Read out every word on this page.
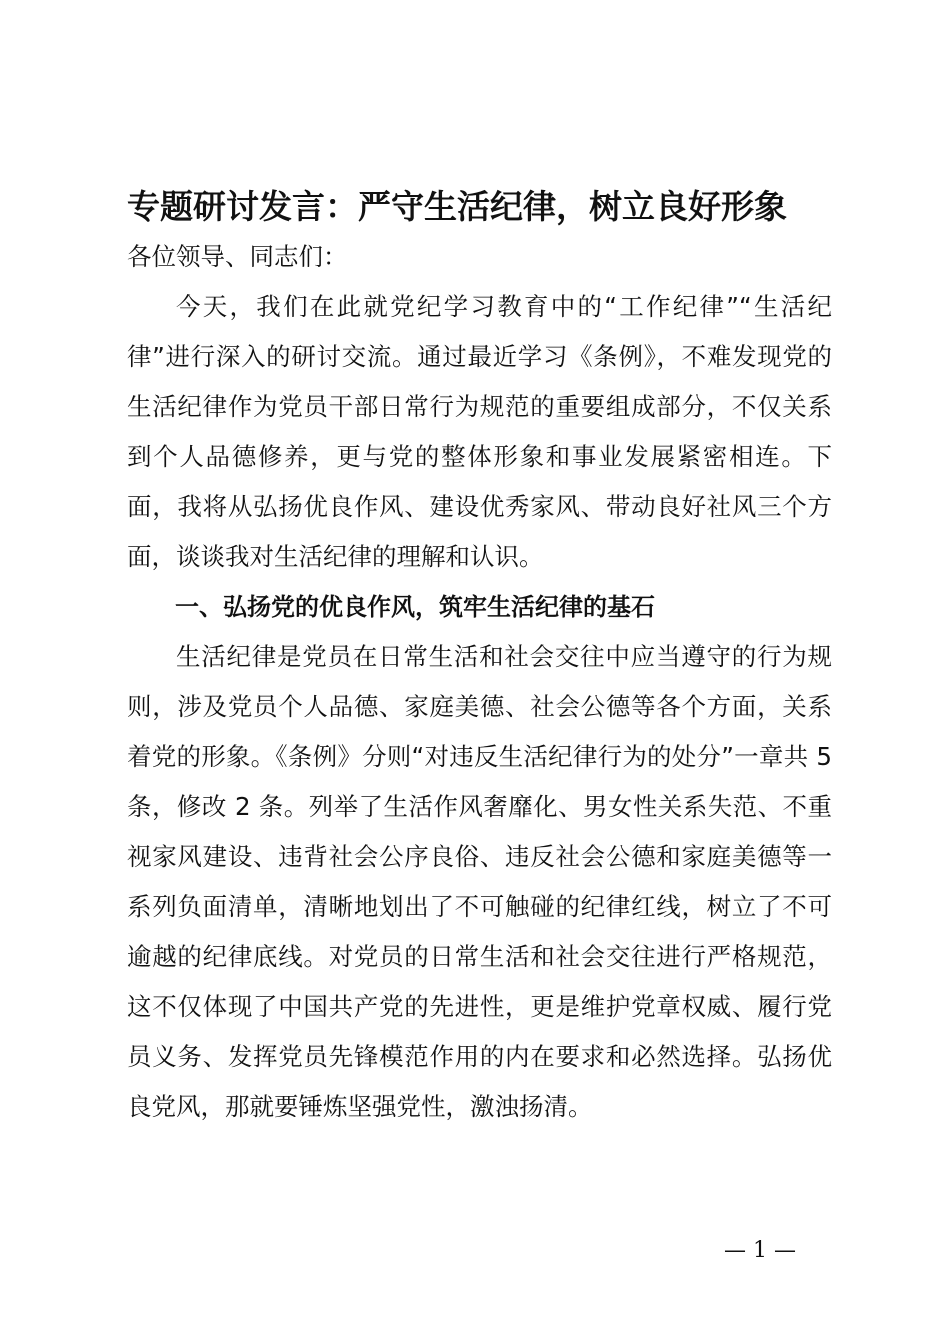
专题研讨发言：严守生活纪律，树立良好形象

各位领导、同志们：

今天，我们在此就党纪学习教育中的“工作纪律”“生活纪律”进行深入的研讨交流。通过最近学习《条例》，不难发现党的生活纪律作为党员干部日常行为规范的重要组成部分，不仅关系到个人品德修养，更与党的整体形象和事业发展紧密相连。下面，我将从弘扬优良作风、建设优秀家风、带动良好社风三个方面，谈谈我对生活纪律的理解和认识。

一、弘扬党的优良作风，筑牢生活纪律的基石

生活纪律是党员在日常生活和社会交往中应当遵守的行为规则，涉及党员个人品德、家庭美德、社会公德等各个方面，关系着党的形象。《条例》分则“对违反生活纪律行为的处分”一章共 5 条，修改 2 条。列举了生活作风奢靡化、男女性关系失范、不重视家风建设、违背社会公序良俗、违反社会公德和家庭美德等一系列负面清单，清晰地划出了不可触碰的纪律红线，树立了不可逾越的纪律底线。对党员的日常生活和社会交往进行严格规范，这不仅体现了中国共产党的先进性，更是维护党章权威、履行党员义务、发挥党员先锋模范作用的内在要求和必然选择。弘扬优良党风，那就要锤炼坚强党性，激浊扬清。

— 1 —
